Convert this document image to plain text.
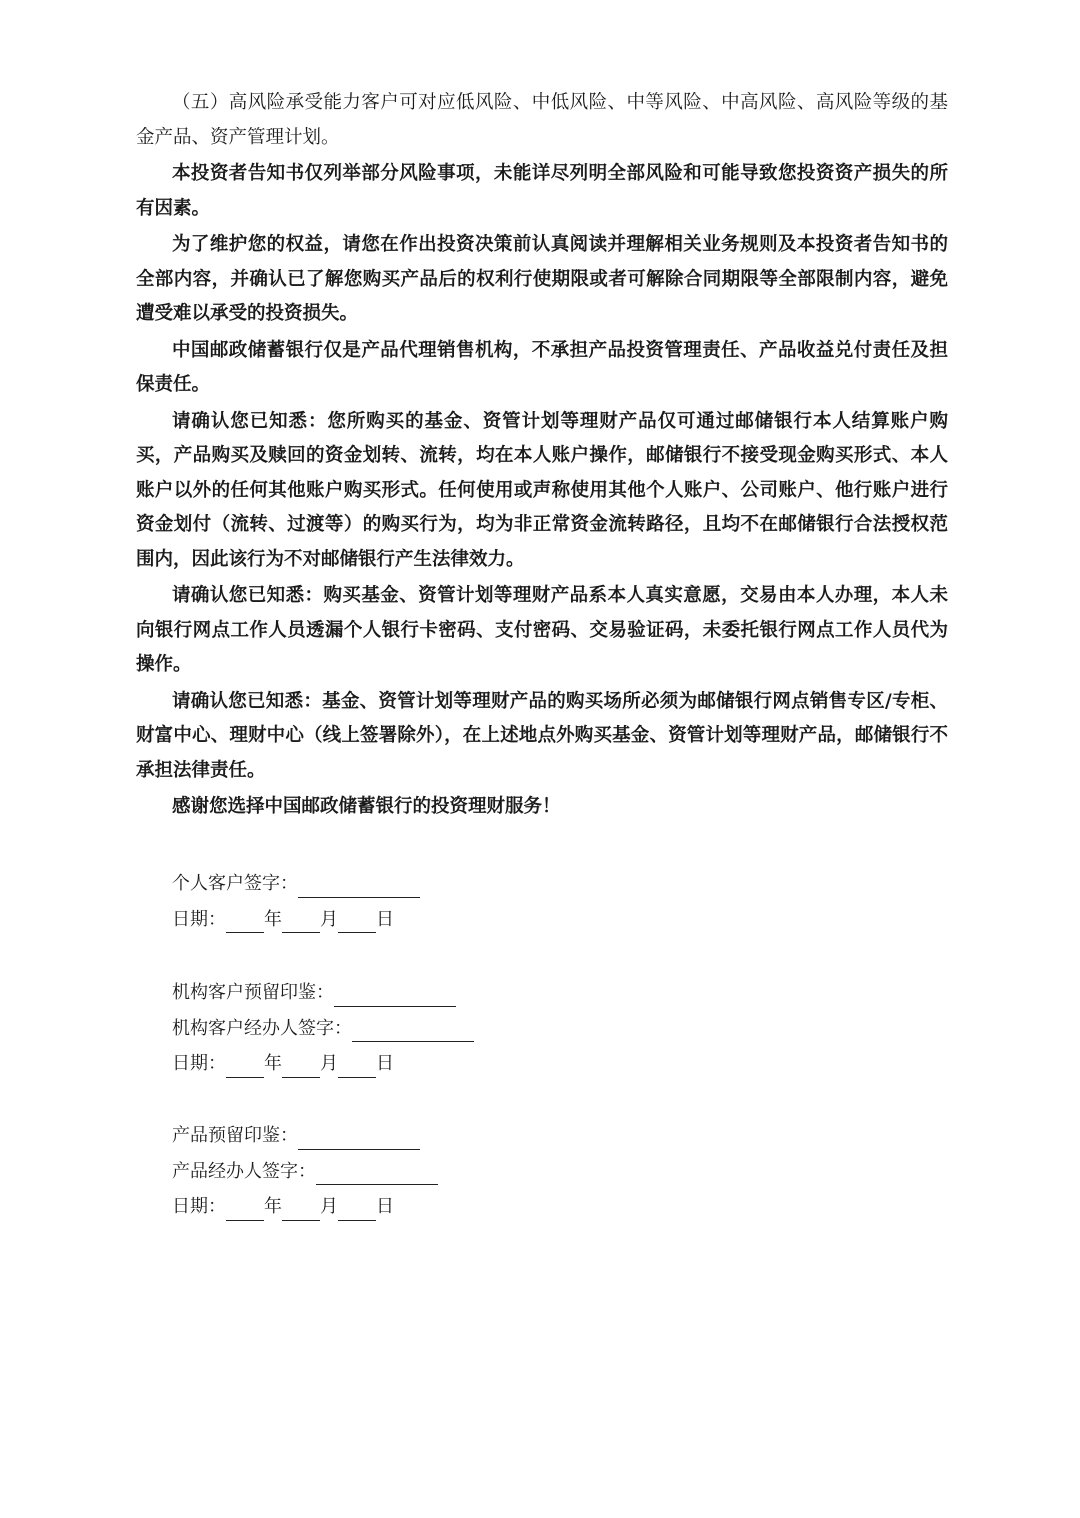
（五）高风险承受能力客户可对应低风险、中低风险、中等风险、中高风险、高风险等级的基金产品、资产管理计划。

本投资者告知书仅列举部分风险事项，未能详尽列明全部风险和可能导致您投资资产损失的所有因素。

为了维护您的权益，请您在作出投资决策前认真阅读并理解相关业务规则及本投资者告知书的全部内容，并确认已了解您购买产品后的权利行使期限或者可解除合同期限等全部限制内容，避免遭受难以承受的投资损失。

中国邮政储蓄银行仅是产品代理销售机构，不承担产品投资管理责任、产品收益兑付责任及担保责任。

请确认您已知悉：您所购买的基金、资管计划等理财产品仅可通过邮储银行本人结算账户购买，产品购买及赎回的资金划转、流转，均在本人账户操作，邮储银行不接受现金购买形式、本人账户以外的任何其他账户购买形式。任何使用或声称使用其他个人账户、公司账户、他行账户进行资金划付（流转、过渡等）的购买行为，均为非正常资金流转路径，且均不在邮储银行合法授权范围内，因此该行为不对邮储银行产生法律效力。

请确认您已知悉：购买基金、资管计划等理财产品系本人真实意愿，交易由本人办理，本人未向银行网点工作人员透漏个人银行卡密码、支付密码、交易验证码，未委托银行网点工作人员代为操作。

请确认您已知悉：基金、资管计划等理财产品的购买场所必须为邮储银行网点销售专区/专柜、财富中心、理财中心（线上签署除外），在上述地点外购买基金、资管计划等理财产品，邮储银行不承担法律责任。

感谢您选择中国邮政储蓄银行的投资理财服务！

个人客户签字：
日期： 年 月 日
机构客户预留印鉴：
机构客户经办人签字：
日期： 年 月 日
产品预留印鉴：
产品经办人签字：
日期： 年 月 日
